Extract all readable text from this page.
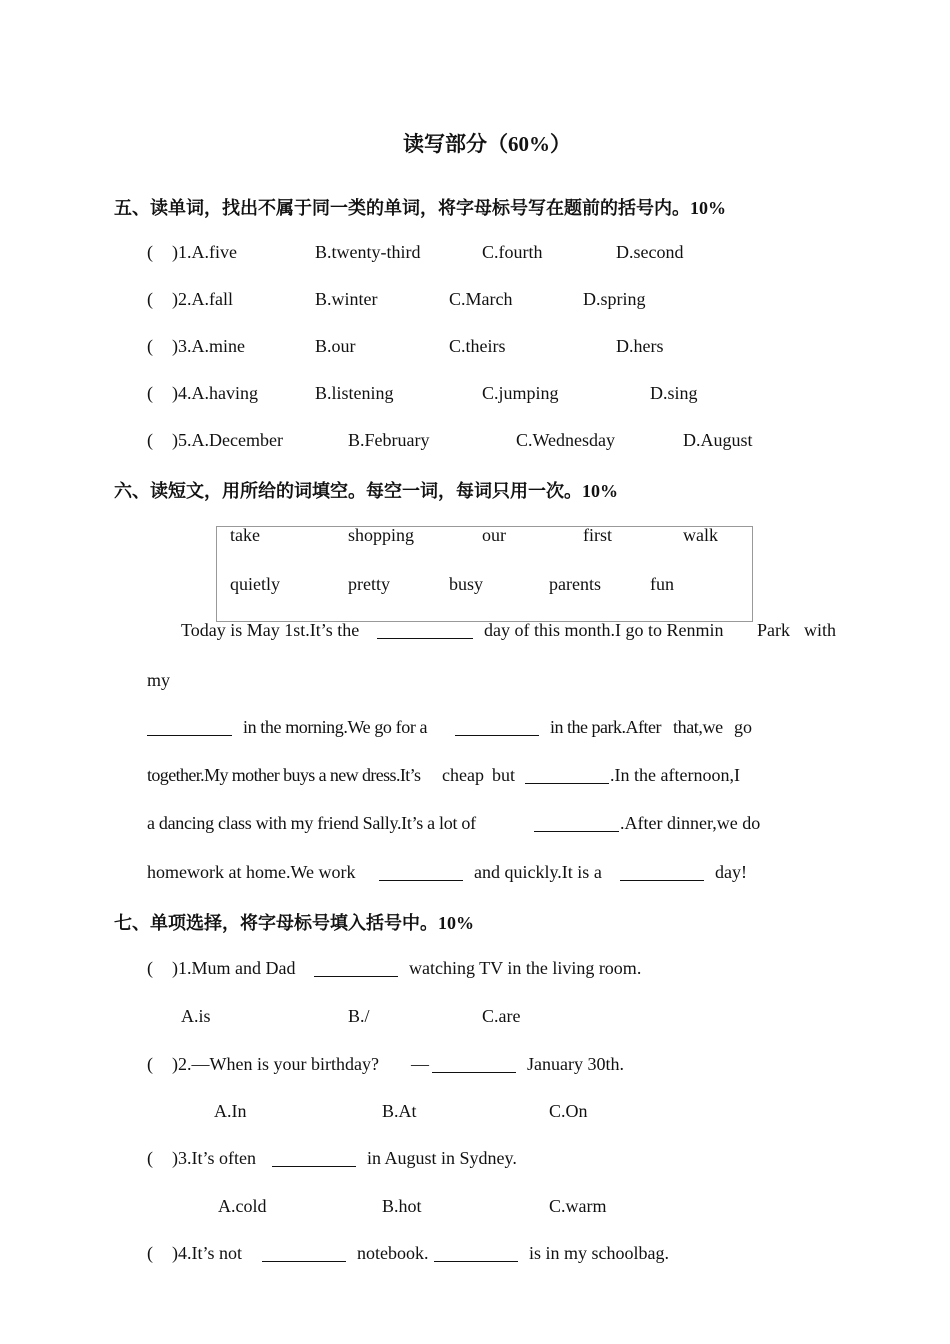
读写部分（60%）
五、读单词，找出不属于同一类的单词，将字母标号写在题前的括号内。10%
( )1.A.five	B.twenty-third	C.fourth	D.second
( )2.A.fall	B.winter	C.March	D.spring
( )3.A.mine	B.our	C.theirs	D.hers
( )4.A.having	B.listening	C.jumping	D.sing
( )5.A.December	B.February	C.Wednesday	D.August
六、读短文，用所给的词填空。每空一词，每词只用一次。10%
take	shopping	our	first	walk
quietly	pretty	busy	parents	fun
Today is May 1st.It’s the	day of this month.I go to Renmin Park with
my
in the morning.We go for a	in the park.After that,we go
together.My mother buys a new dress.It’s cheap but	.In the afternoon,I
a dancing class with my friend Sally.It’s a lot of	.After dinner,we do
homework at home.We work	and quickly.It is a	day!
七、单项选择，将字母标号填入括号中。10%
( )1.Mum and Dad	watching TV in the living room.
A.is	B./	C.are
( )2.—When is your birthday? —	January 30th.
A.In	B.At	C.On
( )3.It’s often	in August in Sydney.
A.cold	B.hot	C.warm
( )4.It’s not	notebook.	is in my schoolbag.
